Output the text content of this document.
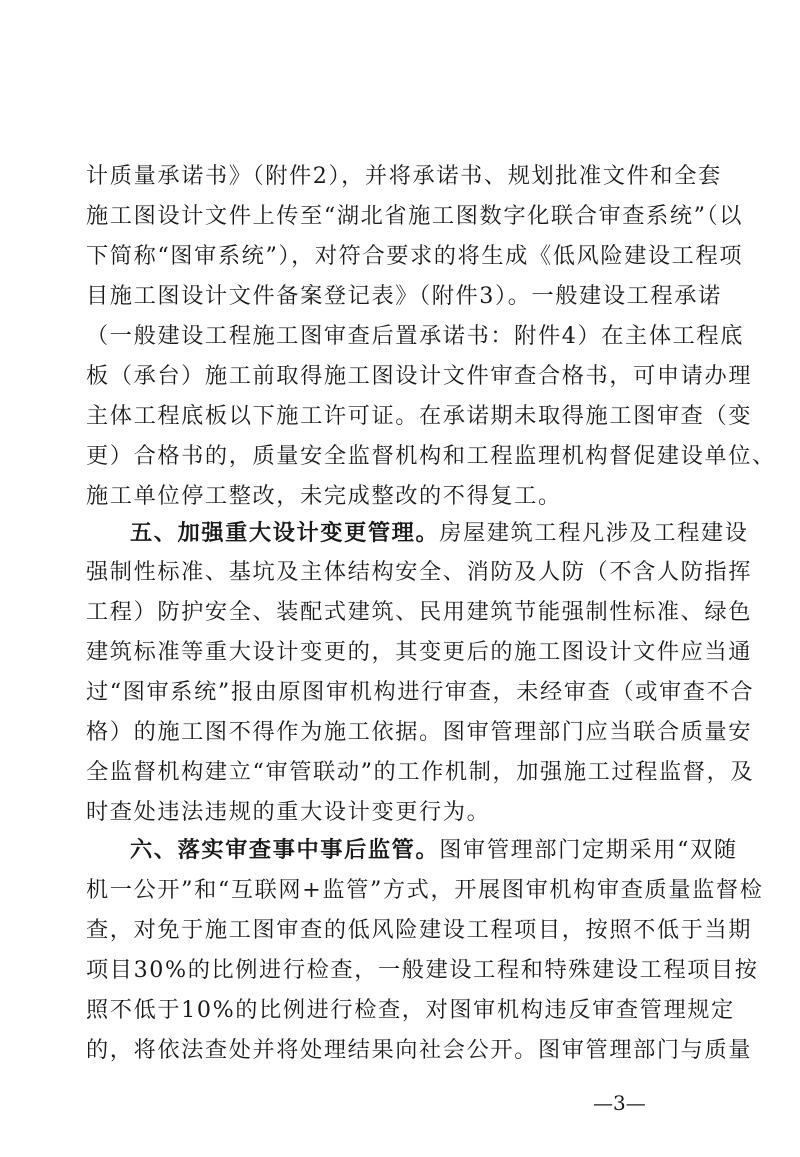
计质量承诺书》（附件2），并将承诺书、规划批准文件和全套
施工图设计文件上传至“湖北省施工图数字化联合审查系统”（以
下简称“图审系统”），对符合要求的将生成《低风险建设工程项
目施工图设计文件备案登记表》（附件3）。一般建设工程承诺
（一般建设工程施工图审查后置承诺书：附件4）在主体工程底
板（承台）施工前取得施工图设计文件审查合格书，可申请办理
主体工程底板以下施工许可证。在承诺期未取得施工图审查（变
更）合格书的，质量安全监督机构和工程监理机构督促建设单位、
施工单位停工整改，未完成整改的不得复工。
五、加强重大设计变更管理。房屋建筑工程凡涉及工程建设
强制性标准、基坑及主体结构安全、消防及人防（不含人防指挥
工程）防护安全、装配式建筑、民用建筑节能强制性标准、绿色
建筑标准等重大设计变更的，其变更后的施工图设计文件应当通
过“图审系统”报由原图审机构进行审查，未经审查（或审查不合
格）的施工图不得作为施工依据。图审管理部门应当联合质量安
全监督机构建立“审管联动”的工作机制，加强施工过程监督，及
时查处违法违规的重大设计变更行为。
六、落实审查事中事后监管。图审管理部门定期采用“双随
机一公开”和“互联网+监管”方式，开展图审机构审查质量监督检
查，对免于施工图审查的低风险建设工程项目，按照不低于当期
项目30%的比例进行检查，一般建设工程和特殊建设工程项目按
照不低于10%的比例进行检查，对图审机构违反审查管理规定
的，将依法查处并将处理结果向社会公开。图审管理部门与质量
—3—
